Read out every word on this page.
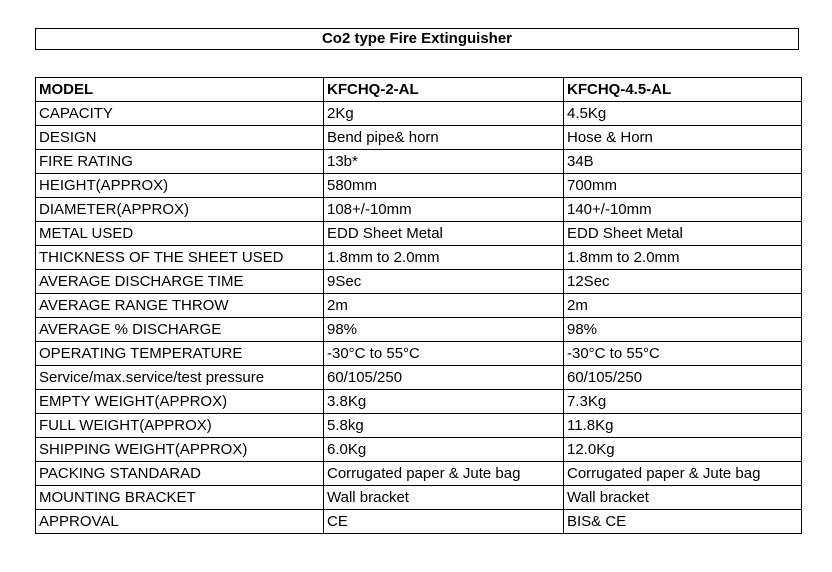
Co2 type Fire Extinguisher
MODEL	KFCHQ-2-AL	KFCHQ-4.5-AL
CAPACITY	2Kg	4.5Kg
DESIGN	Bend pipe& horn	Hose & Horn
FIRE RATING	13b*	34B
HEIGHT(APPROX)	580mm	700mm
DIAMETER(APPROX)	108+/-10mm	140+/-10mm
METAL USED	EDD Sheet Metal	EDD Sheet Metal
THICKNESS OF THE SHEET USED	1.8mm to 2.0mm	1.8mm to 2.0mm
AVERAGE DISCHARGE TIME	9Sec	12Sec
AVERAGE RANGE THROW	2m	2m
AVERAGE % DISCHARGE	98%	98%
OPERATING TEMPERATURE	-30°C to 55°C	-30°C to 55°C
Service/max.service/test pressure	60/105/250	60/105/250
EMPTY WEIGHT(APPROX)	3.8Kg	7.3Kg
FULL WEIGHT(APPROX)	5.8kg	11.8Kg
SHIPPING WEIGHT(APPROX)	6.0Kg	12.0Kg
PACKING STANDARAD	Corrugated paper & Jute bag	Corrugated paper & Jute bag
MOUNTING BRACKET	Wall bracket	Wall bracket
APPROVAL	CE	BIS& CE
